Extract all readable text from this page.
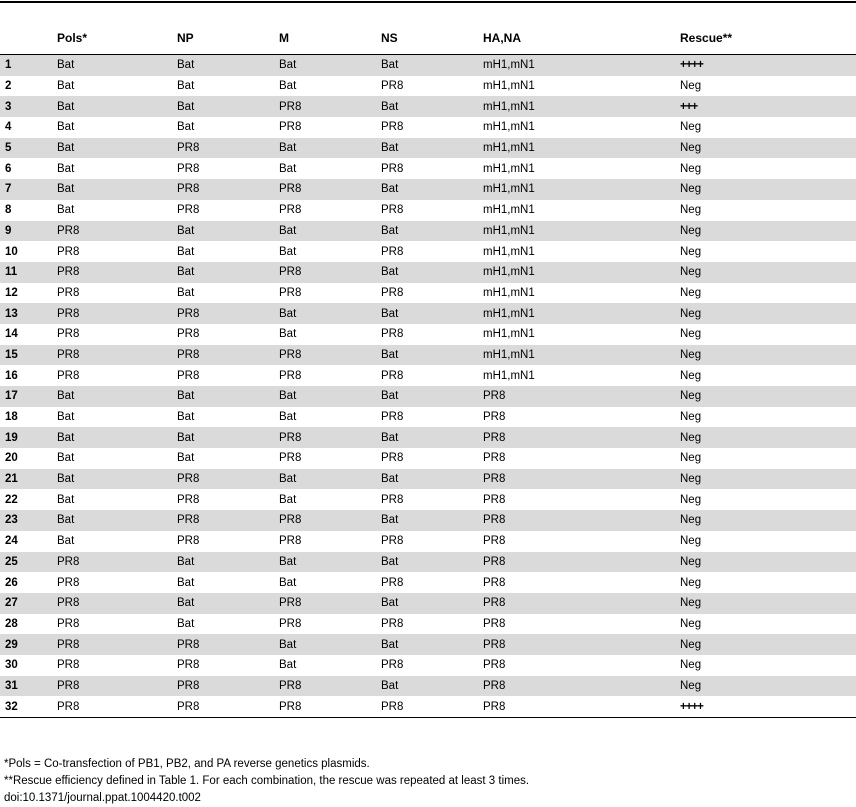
	Pols*	NP	M	NS	HA,NA	Rescue**
1	Bat	Bat	Bat	Bat	mH1,mN1	++++
2	Bat	Bat	Bat	PR8	mH1,mN1	Neg
3	Bat	Bat	PR8	Bat	mH1,mN1	+++
4	Bat	Bat	PR8	PR8	mH1,mN1	Neg
5	Bat	PR8	Bat	Bat	mH1,mN1	Neg
6	Bat	PR8	Bat	PR8	mH1,mN1	Neg
7	Bat	PR8	PR8	Bat	mH1,mN1	Neg
8	Bat	PR8	PR8	PR8	mH1,mN1	Neg
9	PR8	Bat	Bat	Bat	mH1,mN1	Neg
10	PR8	Bat	Bat	PR8	mH1,mN1	Neg
11	PR8	Bat	PR8	Bat	mH1,mN1	Neg
12	PR8	Bat	PR8	PR8	mH1,mN1	Neg
13	PR8	PR8	Bat	Bat	mH1,mN1	Neg
14	PR8	PR8	Bat	PR8	mH1,mN1	Neg
15	PR8	PR8	PR8	Bat	mH1,mN1	Neg
16	PR8	PR8	PR8	PR8	mH1,mN1	Neg
17	Bat	Bat	Bat	Bat	PR8	Neg
18	Bat	Bat	Bat	PR8	PR8	Neg
19	Bat	Bat	PR8	Bat	PR8	Neg
20	Bat	Bat	PR8	PR8	PR8	Neg
21	Bat	PR8	Bat	Bat	PR8	Neg
22	Bat	PR8	Bat	PR8	PR8	Neg
23	Bat	PR8	PR8	Bat	PR8	Neg
24	Bat	PR8	PR8	PR8	PR8	Neg
25	PR8	Bat	Bat	Bat	PR8	Neg
26	PR8	Bat	Bat	PR8	PR8	Neg
27	PR8	Bat	PR8	Bat	PR8	Neg
28	PR8	Bat	PR8	PR8	PR8	Neg
29	PR8	PR8	Bat	Bat	PR8	Neg
30	PR8	PR8	Bat	PR8	PR8	Neg
31	PR8	PR8	PR8	Bat	PR8	Neg
32	PR8	PR8	PR8	PR8	PR8	++++
*Pols = Co-transfection of PB1, PB2, and PA reverse genetics plasmids.
**Rescue efficiency defined in Table 1. For each combination, the rescue was repeated at least 3 times.
doi:10.1371/journal.ppat.1004420.t002
